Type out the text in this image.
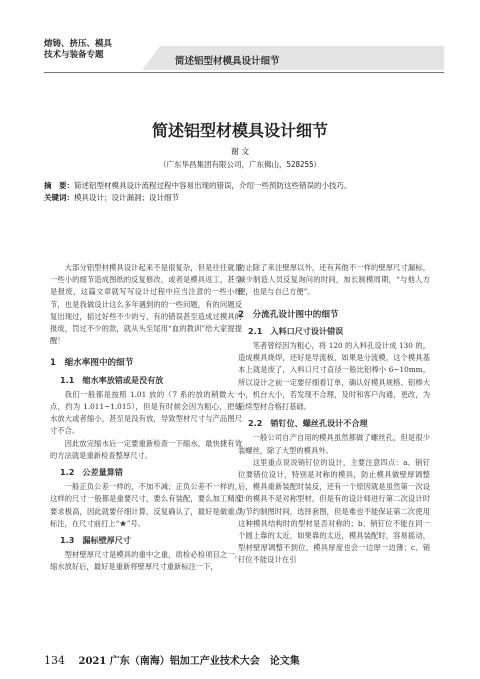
熔铸、挤压、模具
技术与装备专题
简述铝型材模具设计细节
简述铝型材模具设计细节
谢 文
（广东华昌集团有限公司，广东佛山，528255）
摘　要：简述铝型材模具设计流程过程中容易出现的错误，介绍一些预防这些错误的小技巧。
关键词：模具设计；设计漏洞；设计细节

大部分铝型材模具设计起来不是很复杂，但是往往就是一些小的细节造成图纸的反复修改，或者是模具返工，甚至是报废，这篇文章就写写设计过程中应当注意的一些小细节，也是我做设计这么多年遇到的的一些问题，有的问题反复出现过，掂过好些不少的亏，有的错误甚至造成过模具的报废，罚过不少的款，就从头至尾用“血的教训”给大家提提醒！

1　缩水率图中的细节
1.1　缩水率放错或是没有放

我们一般都是按照 1.01 放的（7 系的放的稍微大一点，约为 1.011~1.015），但是有时候会因为粗心，把缩水放大或者缩小，甚至是没有放，导致型材尺寸与产品图尺寸不合。

因此放完缩水后一定要重新检查一下缩水，最快捷有效的方法就是重新检查整厚尺寸。

1.2　公差量算错

一般正负公差一样的，不加不减；正负公差不一样的，这样的尺寸一般都是重要尺寸，要么有装配，要么加工精度要求极高，因此就要仔细计算，反复确认了，最好是做重点标注，在尺寸前打上“★”号。

1.3　漏标壁厚尺寸

型材壁厚尺寸是模具的重中之重，质检必检项目之一，缩水放好后，最好是重新将壁厚尺寸重新标注一下，

防止除了来注壁厚以外，还有其他不一样的壁厚尺寸漏标，减少制造人员反复询问的时间，加长制模周期，“与他人方便，也是与自己方便”。

2　分流孔设计图中的细节
2.1　入料口尺寸设计错误

笔者曾经因为粗心，将 120 的入料孔设计成 130 的，造成模具烧焊，还好是导流板，如果是分流模，这个模具基本上就是废了，入料口尺寸直径一般比铝棒小 6~10mm，所以设计之前一定要仔细看订单，确认好模具规格、铝棒大小，机台大小，若发现不合理，及时和客户沟通，更改，为后续型材合格打基础。

2.2　销钉位、螺丝孔设计不合理

一般公司自产自用的模具虽然都做了螺丝孔，但是很少装螺丝，除了大型的模具外。

这里重点说说销钉位的设计，主要注意四点：a、销钉位要错位设计，特别是对称的模具，防止模具做壁厚调整后，模具重新装配时装反，还有一个原因就是虽然第一次设计的模具不是对称型材，但是有的设计师进行第二次设计时为节约制图时间，选择套图，但是难也不能保证第二次使用这种模具结构时的型材是否对称的；b、销钉位不能在同一个圆上靠的太近，如果靠的太近，模具装配时，容易摇动，型材壁厚调整不到位，模具厚度也会一边厚一边薄；c、销钉位不能设计在引

134 2021 广东（南海）铝加工产业技术大会　论文集
